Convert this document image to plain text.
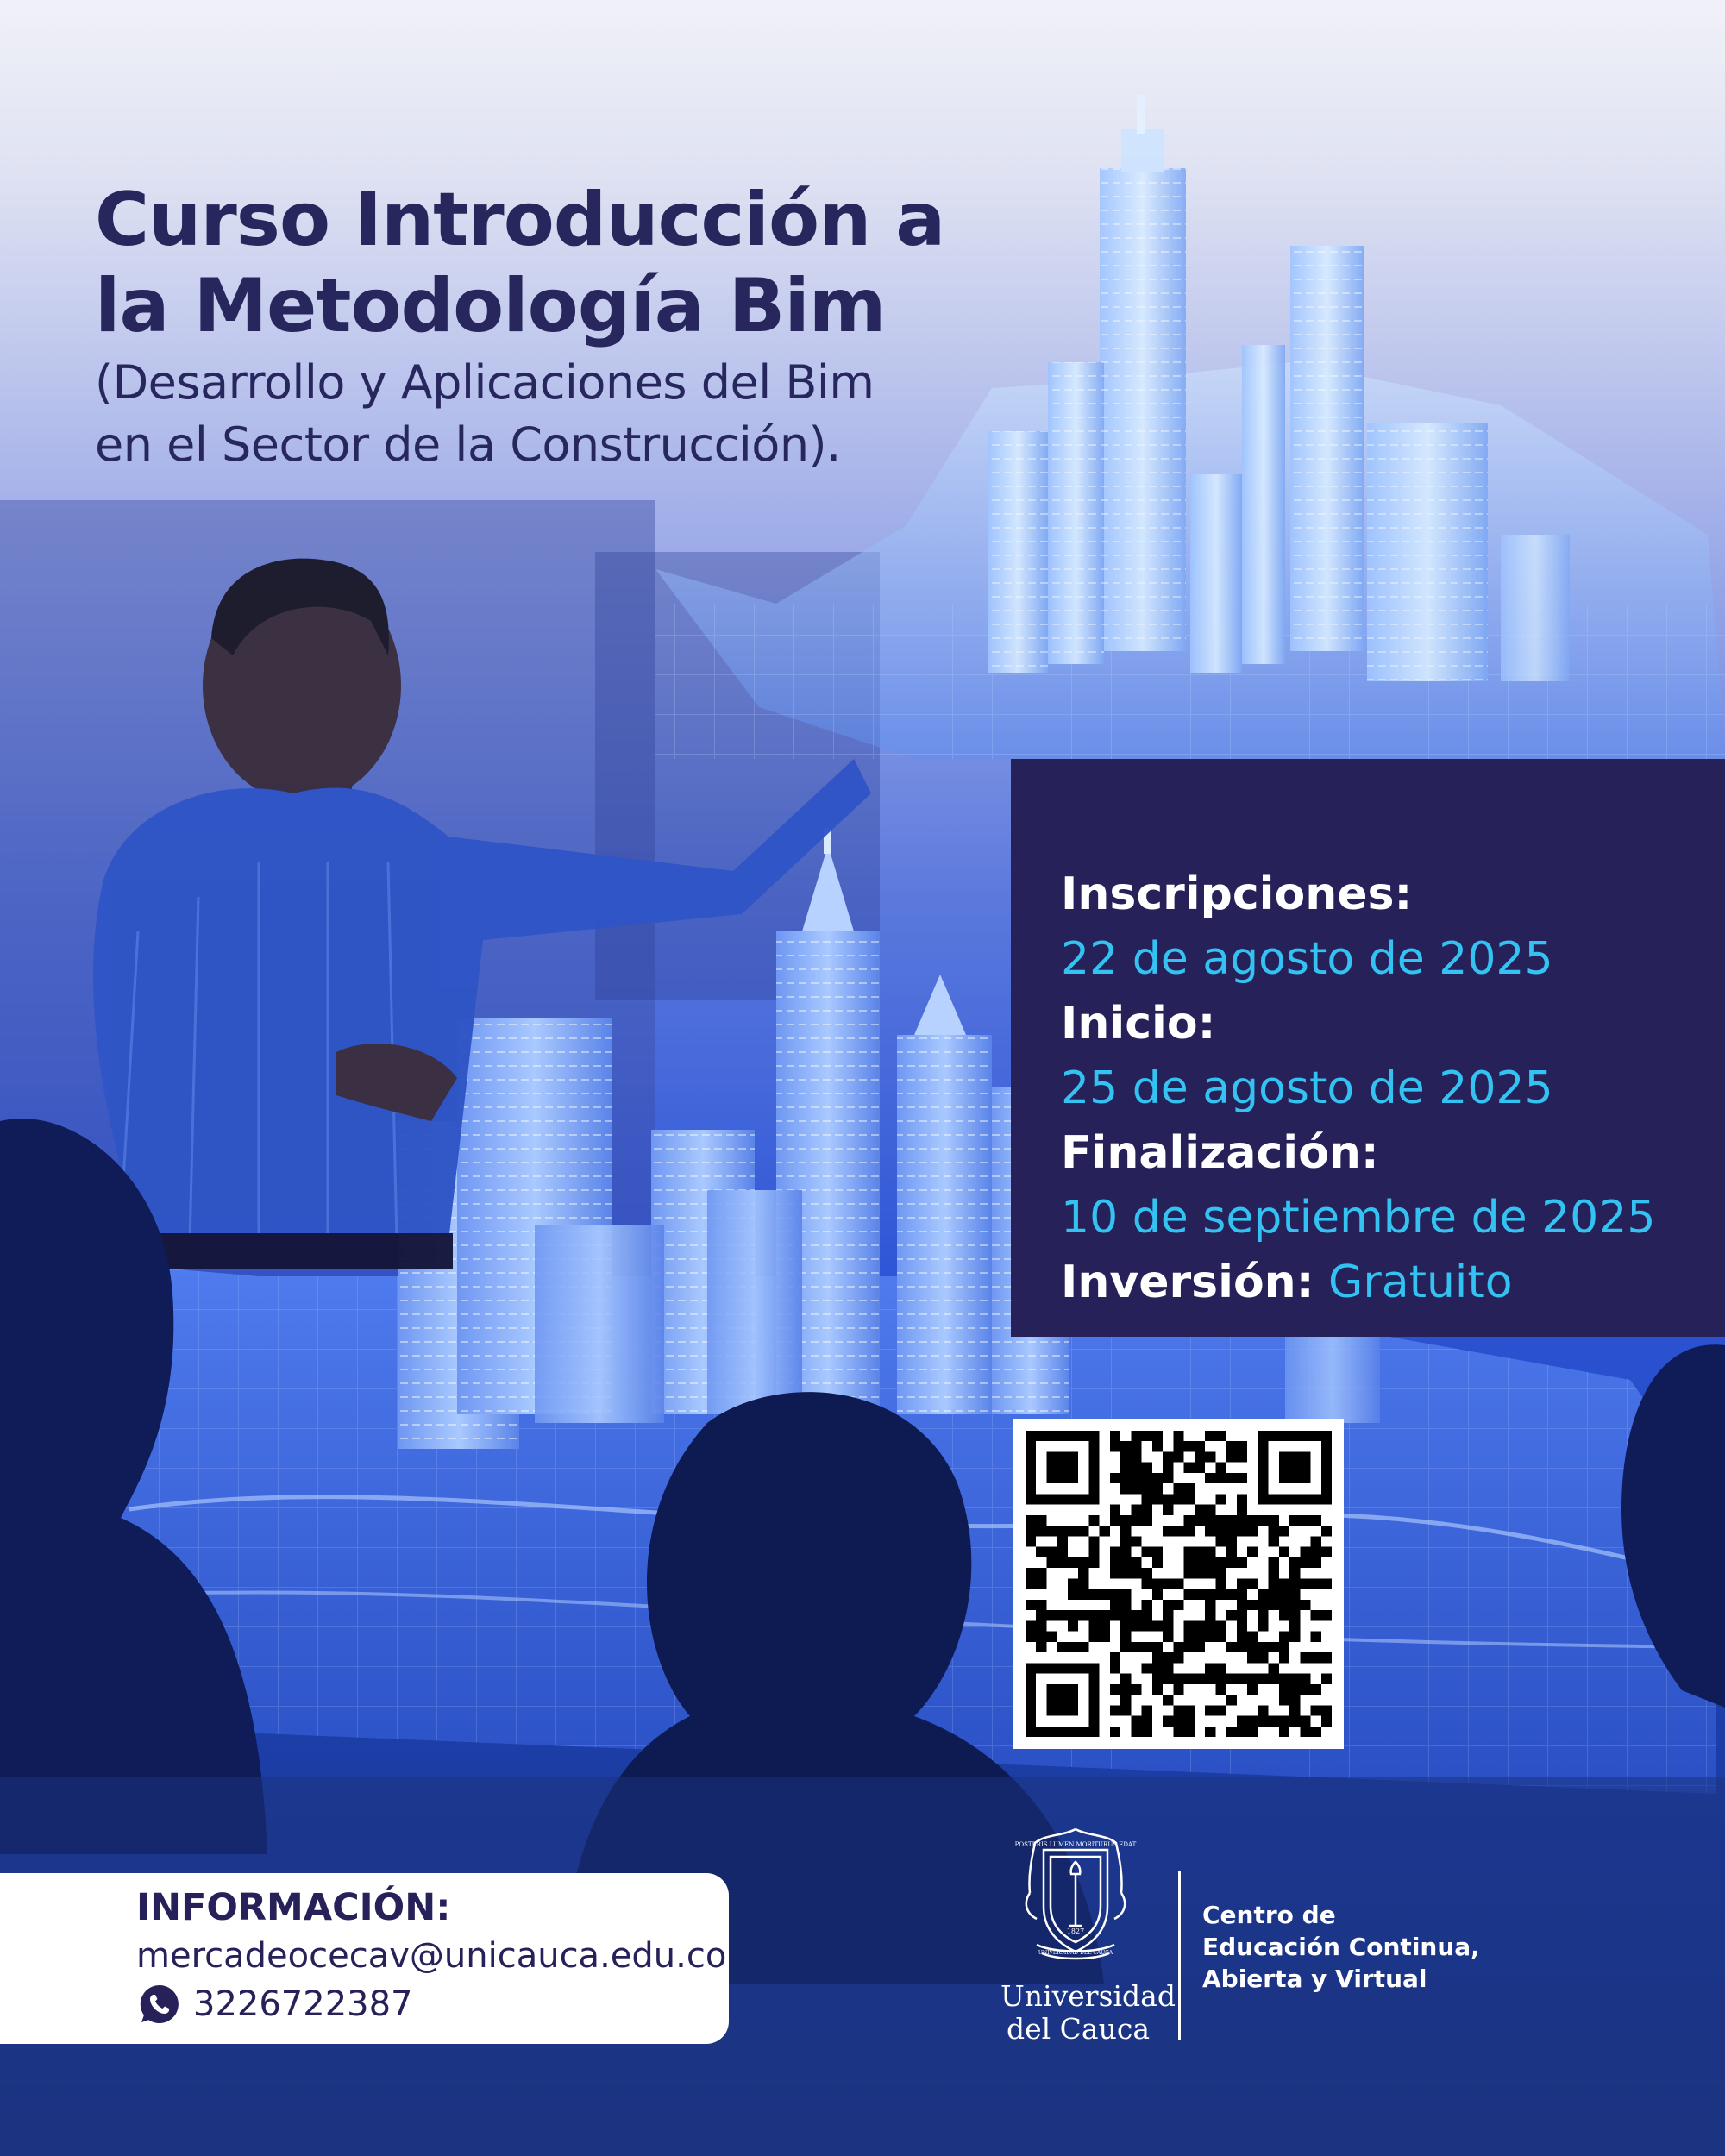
Curso Introducción a
la Metodología Bim
(Desarrollo y Aplicaciones del Bim
en el Sector de la Construcción).
Inscripciones:
22 de agosto de 2025
Inicio:
25 de agosto de 2025
Finalización:
10 de septiembre de 2025
Inversión: Gratuito
INFORMACIÓN:
mercadeocecav@unicauca.edu.co
3226722387
1827
UNIVERSIDAD DEL CAUCA
POSTERIS LUMEN MORITURUS EDAT
Universidad
del Cauca
Centro de
Educación Continua,
Abierta y Virtual
